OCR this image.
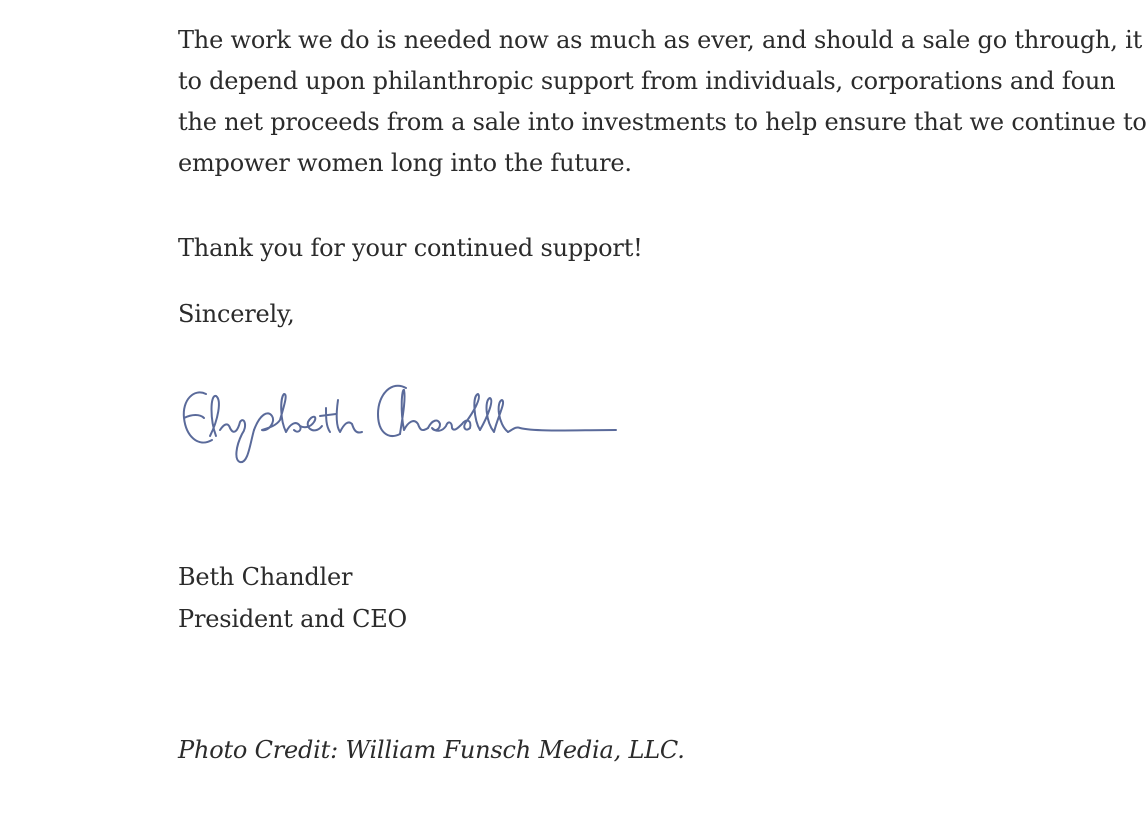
The work we do is needed now as much as ever, and should a sale go through, it
to depend upon philanthropic support from individuals, corporations and foun
the net proceeds from a sale into investments to help ensure that we continue to
empower women long into the future.

Thank you for your continued support!

Sincerely,

Beth Chandler

President and CEO

Photo Credit: William Funsch Media, LLC.
